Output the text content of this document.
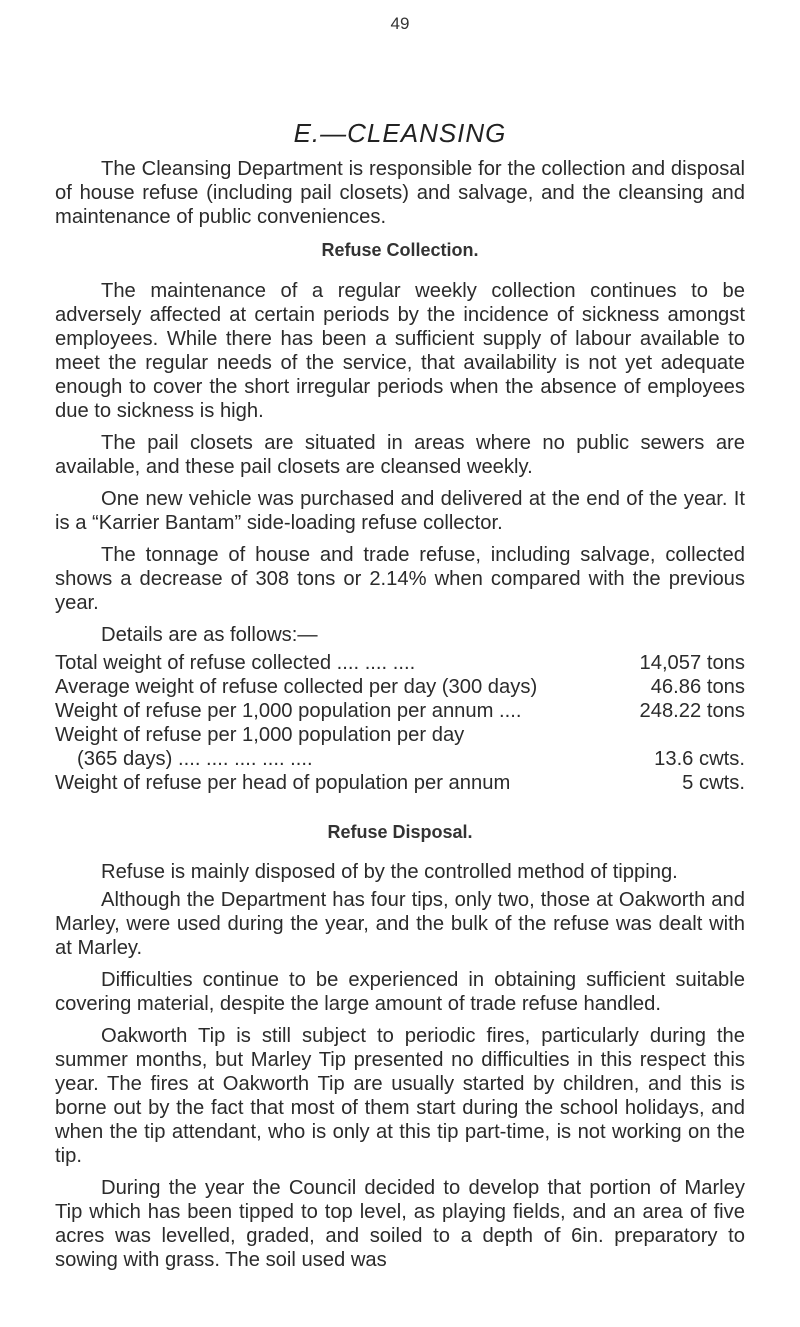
49
E.—CLEANSING

The Cleansing Department is responsible for the collection and disposal of house refuse (including pail closets) and salvage, and the cleansing and maintenance of public conveniences.

Refuse Collection.

The maintenance of a regular weekly collection continues to be adversely affected at certain periods by the incidence of sickness amongst employees. While there has been a sufficient supply of labour available to meet the regular needs of the service, that availability is not yet adequate enough to cover the short irregular periods when the absence of employees due to sickness is high.

The pail closets are situated in areas where no public sewers are available, and these pail closets are cleansed weekly.

One new vehicle was purchased and delivered at the end of the year. It is a “Karrier Bantam” side-loading refuse collector.

The tonnage of house and trade refuse, including salvage, collected shows a decrease of 308 tons or 2.14% when compared with the previous year.

Details are as follows:—

Total weight of refuse collected .... .... ....	14,057 tons
Average weight of refuse collected per day (300 days)	46.86 tons
Weight of refuse per 1,000 population per annum ....	248.22 tons
Weight of refuse per 1,000 population per day
(365 days) .... .... .... .... ....	13.6 cwts.
Weight of refuse per head of population per annum	5 cwts.
Refuse Disposal.

Refuse is mainly disposed of by the controlled method of tipping.

Although the Department has four tips, only two, those at Oakworth and Marley, were used during the year, and the bulk of the refuse was dealt with at Marley.

Difficulties continue to be experienced in obtaining sufficient suitable covering material, despite the large amount of trade refuse handled.

Oakworth Tip is still subject to periodic fires, particularly during the summer months, but Marley Tip presented no difficulties in this respect this year. The fires at Oakworth Tip are usually started by children, and this is borne out by the fact that most of them start during the school holidays, and when the tip attendant, who is only at this tip part-time, is not working on the tip.

During the year the Council decided to develop that portion of Marley Tip which has been tipped to top level, as playing fields, and an area of five acres was levelled, graded, and soiled to a depth of 6in. preparatory to sowing with grass. The soil used was
